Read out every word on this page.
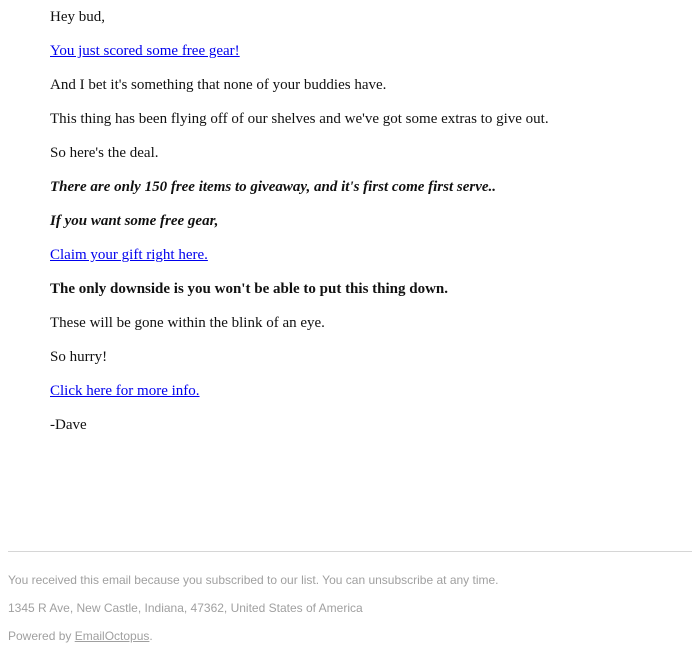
Hey bud,
You just scored some free gear!
And I bet it's something that none of your buddies have.
This thing has been flying off of our shelves and we've got some extras to give out.
So here's the deal.
There are only 150 free items to giveaway, and it's first come first serve..
If you want some free gear,
Claim your gift right here.
The only downside is you won't be able to put this thing down.
These will be gone within the blink of an eye.
So hurry!
Click here for more info.
-Dave
You received this email because you subscribed to our list. You can unsubscribe at any time.
1345 R Ave, New Castle, Indiana, 47362, United States of America
Powered by EmailOctopus.
